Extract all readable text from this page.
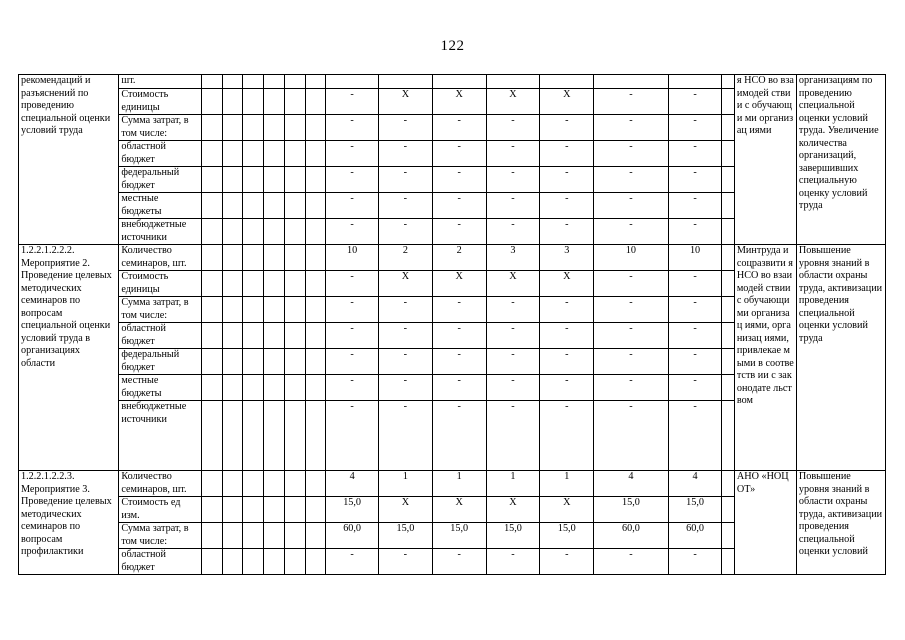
122
рекомендаций и разъяснений по проведению специальной оценки условий труда	шт.															я НСО во взаимодей ствии с обучающи ми организац иями	организациям по проведению специальной оценки условий труда. Увеличение количества организаций, завершивших специальную оценку условий труда
	Стоимость единицы							-	X	X	X	X	-	-			
	Сумма затрат, в том числе:							-	-	-	-	-	-	-			
	областной бюджет							-	-	-	-	-	-	-			
	федеральный бюджет							-	-	-	-	-	-	-			
	местные бюджеты							-	-	-	-	-	-	-			
	внебюджетные источники							-	-	-	-	-	-	-			
1.2.2.1.2.2.2. Мероприятие 2. Проведение целевых методических семинаров по вопросам специальной оценки условий труда в организациях области	Количество семинаров, шт.							10	2	2	3	3	10	10		Минтруда и соцразвити я НСО во взаимодей ствии с обучающи ми организац иями, организац иями, привлекае мыми в соответств ии с законодате льством	Повышение уровня знаний в области охраны труда, активизации проведения специальной оценки условий труда
	Стоимость единицы							-	X	X	X	X	-	-			
	Сумма затрат, в том числе:							-	-	-	-	-	-	-			
	областной бюджет							-	-	-	-	-	-	-			
	федеральный бюджет							-	-	-	-	-	-	-			
	местные бюджеты							-	-	-	-	-	-	-			
	внебюджетные источники							-	-	-	-	-	-	-			
1.2.2.1.2.2.3. Мероприятие 3. Проведение целевых методических семинаров по вопросам профилактики	Количество семинаров, шт.							4	1	1	1	1	4	4		АНО «НОЦОТ»	Повышение уровня знаний в области охраны труда, активизации проведения специальной оценки условий
	Стоимость ед изм.							15,0	X	X	X	X	15,0	15,0			
	Сумма затрат, в том числе:							60,0	15,0	15,0	15,0	15,0	60,0	60,0			
	областной бюджет							-	-	-	-	-	-	-			
